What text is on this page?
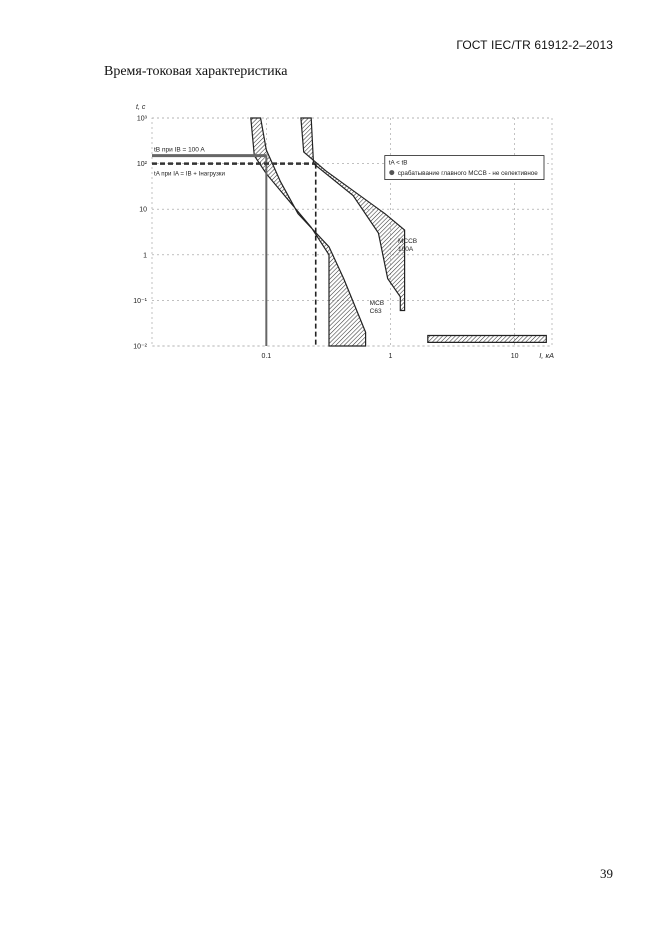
ГОСТ IEC/TR 61912-2–2013
Время-токовая характеристика
0.1	1	10
10³
10²
10
1
10⁻¹
10⁻²
t, с
I, кА
tB при IB = 100 A
tA при IA = IB + Iнагрузки
tA < tB
срабатывание главного MCCB - не селективное
MCCB
100A
MCB
C63
39
